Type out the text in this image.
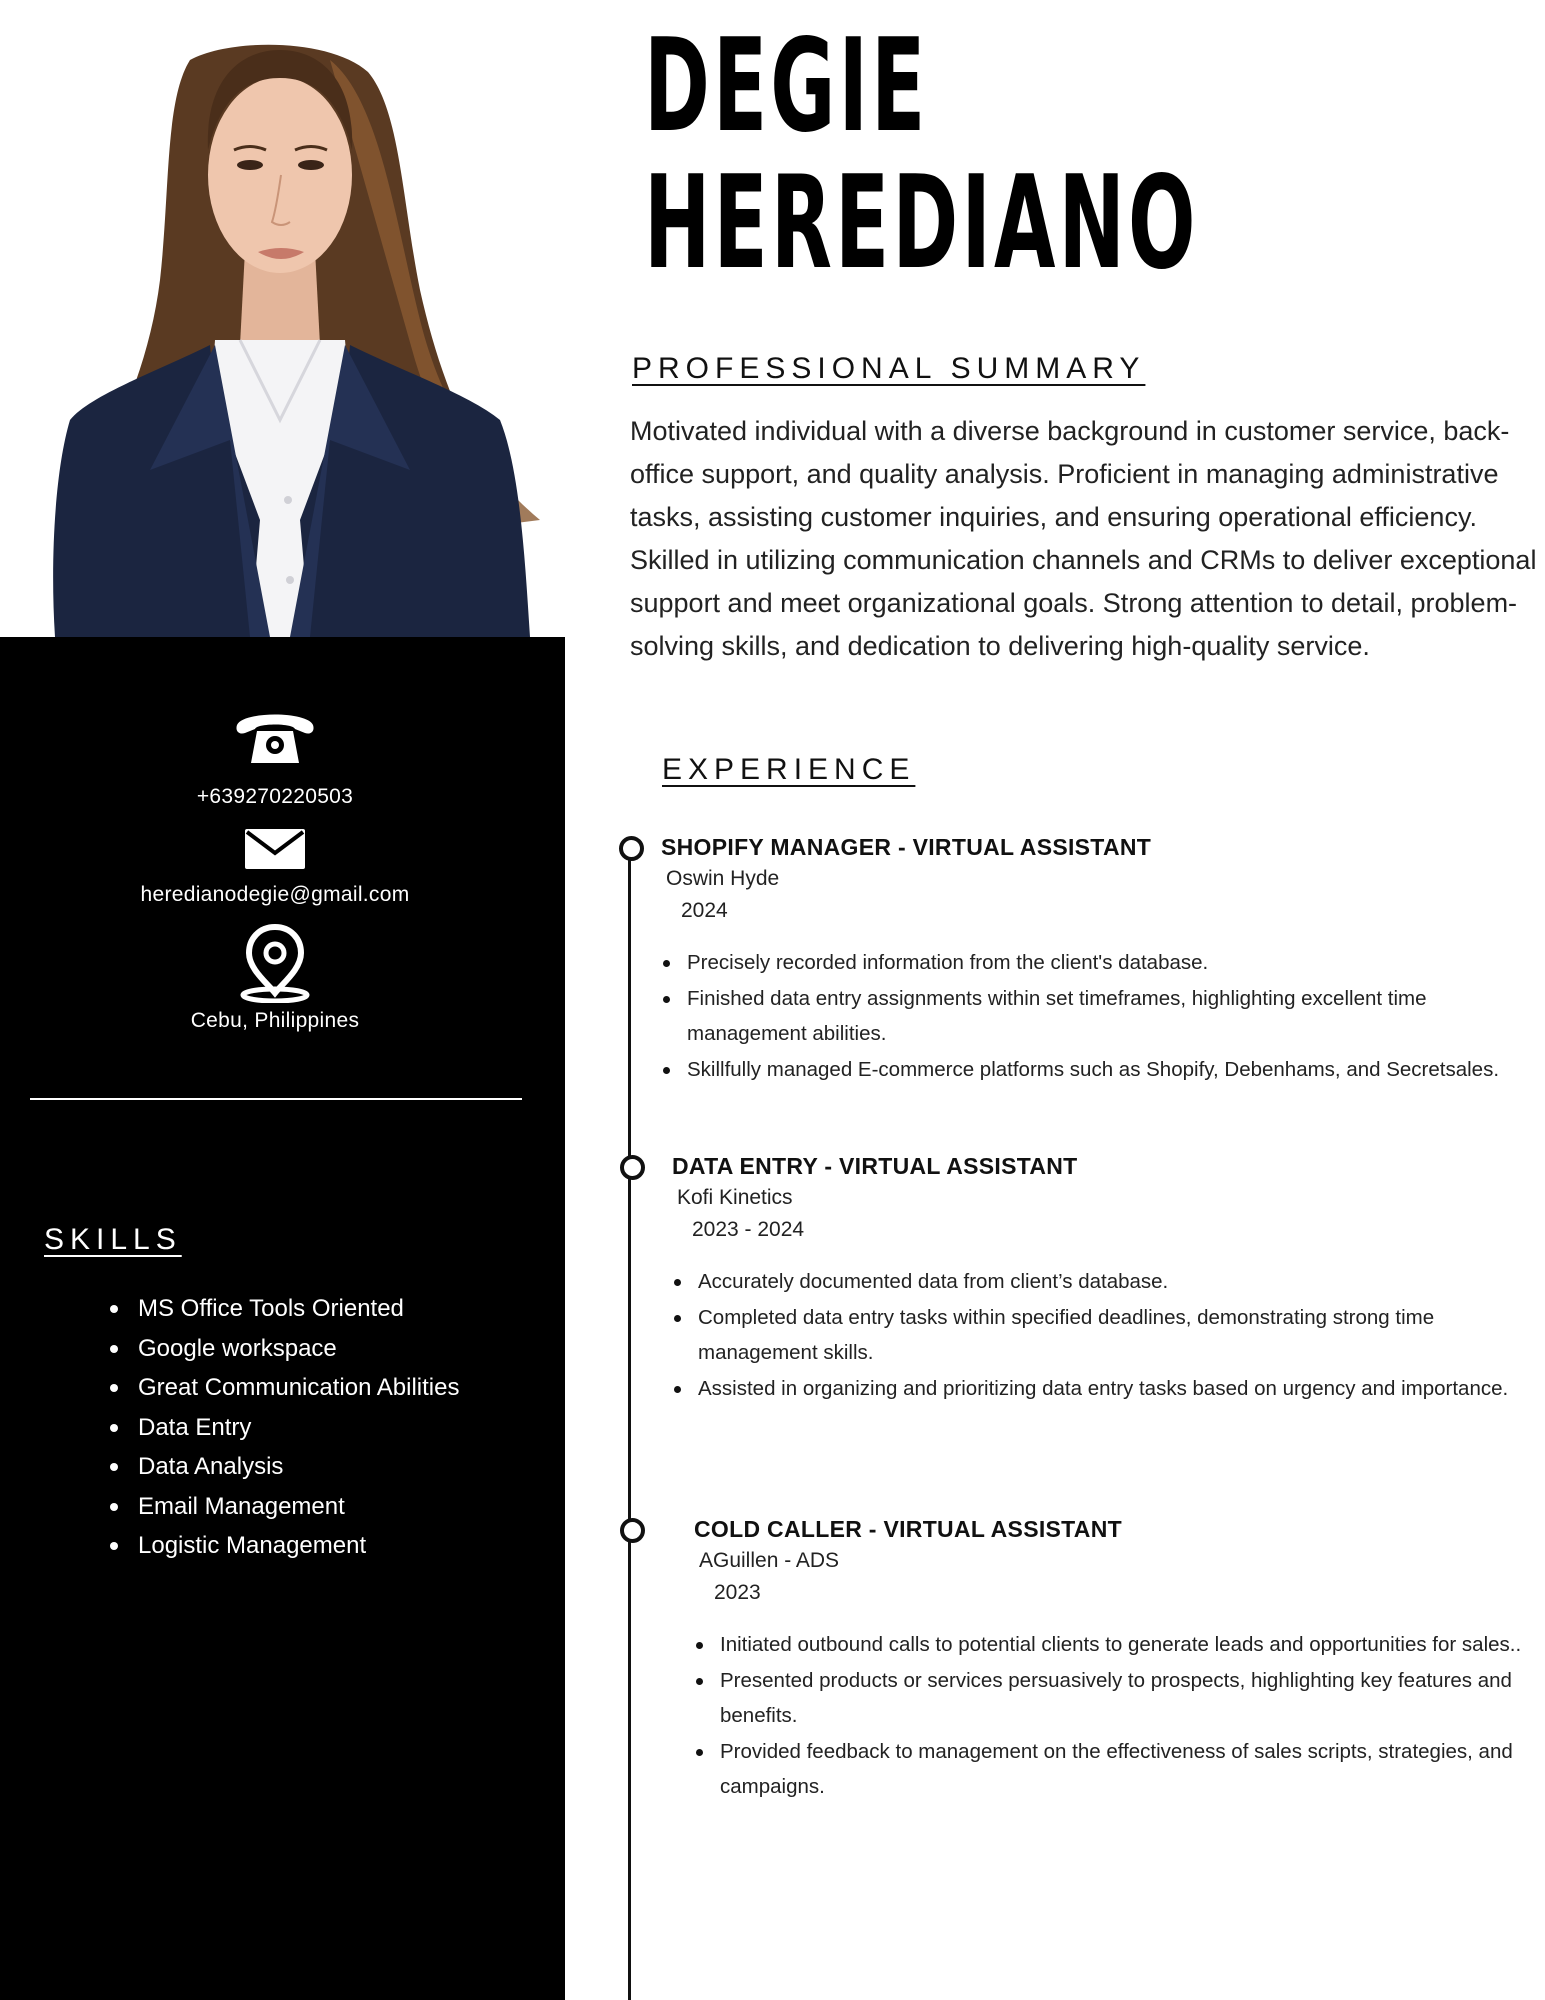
DEGIE
HEREDIANO
+639270220503
heredianodegie@gmail.com
Cebu, Philippines
SKILLS
MS Office Tools Oriented
Google workspace
Great Communication Abilities
Data Entry
Data Analysis
Email Management
Logistic Management
PROFESSIONAL SUMMARY

Motivated individual with a diverse background in customer service, back-office support, and quality analysis. Proficient in managing administrative tasks, assisting customer inquiries, and ensuring operational efficiency. Skilled in utilizing communication channels and CRMs to deliver exceptional support and meet organizational goals. Strong attention to detail, problem-solving skills, and dedication to delivering high-quality service.

EXPERIENCE
SHOPIFY MANAGER - VIRTUAL ASSISTANT
Oswin Hyde
2024
Precisely recorded information from the client's database.
Finished data entry assignments within set timeframes, highlighting excellent time management abilities.
Skillfully managed E-commerce platforms such as Shopify, Debenhams, and Secretsales.
DATA ENTRY - VIRTUAL ASSISTANT
Kofi Kinetics
2023 - 2024
Accurately documented data from client’s database.
Completed data entry tasks within specified deadlines, demonstrating strong time management skills.
Assisted in organizing and prioritizing data entry tasks based on urgency and importance.
COLD CALLER - VIRTUAL ASSISTANT
AGuillen - ADS
2023
Initiated outbound calls to potential clients to generate leads and opportunities for sales..
Presented products or services persuasively to prospects, highlighting key features and benefits.
Provided feedback to management on the effectiveness of sales scripts, strategies, and campaigns.
